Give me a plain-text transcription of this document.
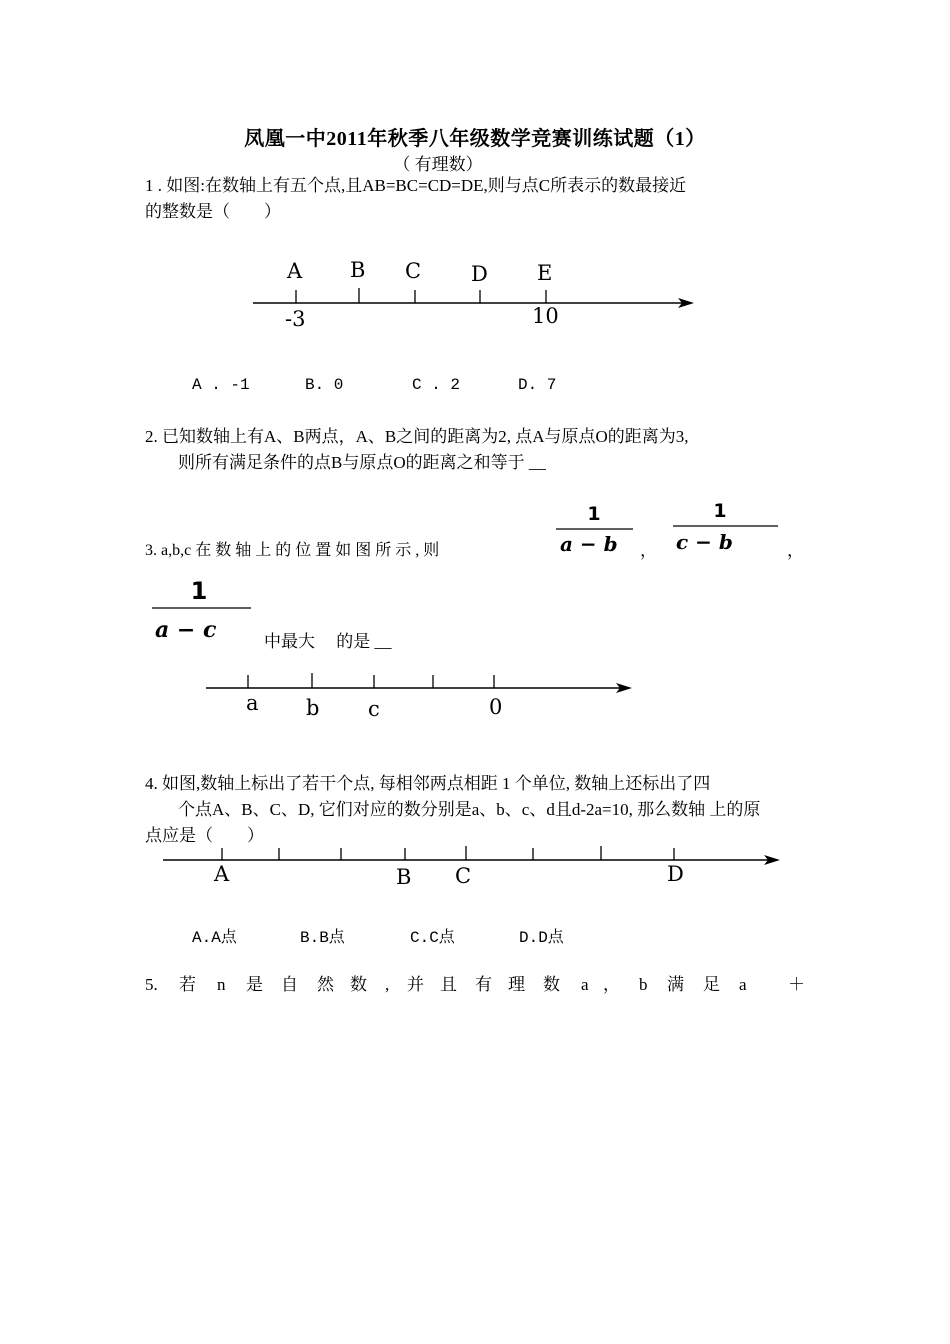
凤凰一中2011年秋季八年级数学竞赛训练试题（1）
（ 有理数）
1 . 如图:在数轴上有五个点,且AB=BC=CD=DE,则与点C所表示的数最接近
的整数是（　　）
A B C D E
-3	10
A . -1	B. 0	C . 2	D. 7
2. 已知数轴上有A、B两点，A、B之间的距离为2, 点A与原点O的距离为3,
则所有满足条件的点B与原点O的距离之和等于 __
3. a,b,c 在 数 轴 上 的 位 置 如 图 所 示 , 则
1
a − b ，
1
c − b	，
1
a − c	中最大　 的是 __
a b c	0
4. 如图,数轴上标出了若干个点, 每相邻两点相距 1 个单位, 数轴上还标出了四
个点A、B、C、D, 它们对应的数分别是a、b、c、d且d-2a=10, 那么数轴 上的原
点应是（　　）
A	B C	D
A.A点	B.B点	C.C点	D.D点
5. 若 n 是 自 然 数 , 并 且 有 理 数 a ， b 满 足 a ＋
